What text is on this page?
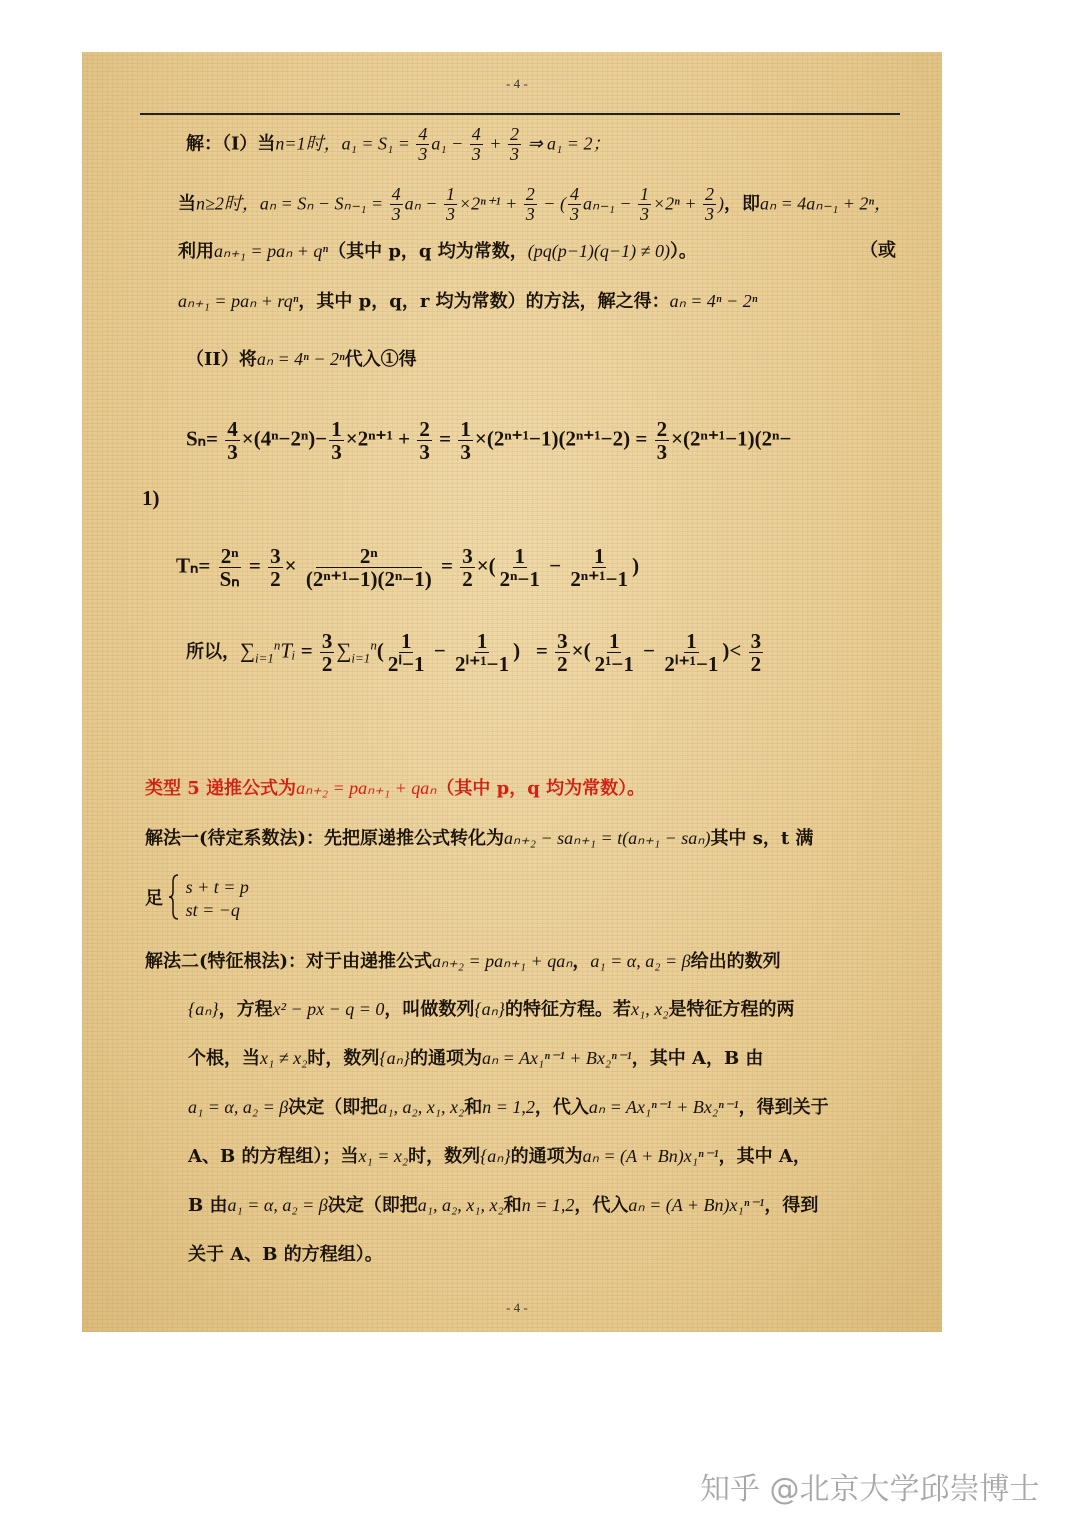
- 4 -
解：（I）当n=1时，$a_1 = S_1 = \frac{4}{3} a_1 - \frac{4}{3} + \frac{2}{3}$ ⇒ a₁ = 2；
当n≥2时，$a_n = S_n - S_{n-1} = \frac{4}{3}$ $a_n - \frac{1}{3} \times 2^{n+1} + \frac{2}{3}$ − ( $\frac{4}{3} a_{n-1} - \frac{1}{3} \times 2^n + \frac{2}{3}$ )，即aₙ = 4aₙ₋₁ + 2ⁿ，
利用aₙ₊₁ = paₙ + qⁿ（其中 p，q 均为常数，(pq(p−1)(q−1) ≠ 0)）。	（或
aₙ₊₁ = paₙ + rqⁿ，其中 p，q，r 均为常数）的方法，解之得：aₙ = 4ⁿ − 2ⁿ
（II）将aₙ = 4ⁿ − 2ⁿ代入①得
$S_n= \frac{4}{3} \times(4^n-2^n)- \frac{1}{3} \times 2^{n+1} + \frac{2}{3} = \frac{1}{3} \times(2^{n+1}-1)(2^{n+1}-2) = \frac{2}{3} \times(2^{n+1}-1)(2^n-$
1)
$T_n= \frac{\text{2ⁿ}}{\text{Sₙ}} = \frac{3}{2}$ ×   $\frac{\text{2ⁿ}}{\text{(2ⁿ⁺¹−1)(2ⁿ−1)}} = \frac{3}{2}$ ×( $\frac{1}{\text{2ⁿ−1}} - \frac{1}{\text{2ⁿ⁺¹−1}}$ )
所以，$\sum_{i=1}^nTᵢ = \frac{3}{2} \sum_{i=1}^n( \frac{1}{\text{2ⁱ−1}} - \frac{1}{\text{2ⁱ⁺¹−1}}$ )   = $\frac{3}{2}$ ×( $\frac{1}{\text{2¹−1}} - \frac{1}{\text{2ⁱ⁺¹−1}}$ )< $\frac{3}{2}$
类型 5 递推公式为aₙ₊₂ = paₙ₊₁ + qaₙ（其中 p，q 均为常数）。
解法一(待定系数法)：先把原递推公式转化为aₙ₊₂ − saₙ₊₁ = t(aₙ₊₁ − saₙ)其中 s，t 满
足
s + t = p
st = −q
解法二(特征根法)：对于由递推公式aₙ₊₂ = paₙ₊₁ + qaₙ，a₁ = α, a₂ = β给出的数列
{aₙ}，方程x² − px − q = 0，叫做数列{aₙ}的特征方程。若x₁, x₂是特征方程的两
个根，当x₁ ≠ x₂时，数列{aₙ}的通项为aₙ = Ax₁ⁿ⁻¹ + Bx₂ⁿ⁻¹，其中 A，B 由
a₁ = α, a₂ = β决定（即把a₁, a₂, x₁, x₂和n = 1,2，代入aₙ = Ax₁ⁿ⁻¹ + Bx₂ⁿ⁻¹，得到关于
A、B 的方程组）；当x₁ = x₂时，数列{aₙ}的通项为aₙ = (A + Bn)x₁ⁿ⁻¹，其中 A，
B 由a₁ = α, a₂ = β决定（即把a₁, a₂, x₁, x₂和n = 1,2，代入aₙ = (A + Bn)x₁ⁿ⁻¹，得到
关于 A、B 的方程组）。
- 4 -
知乎 @北京大学邱崇博士
